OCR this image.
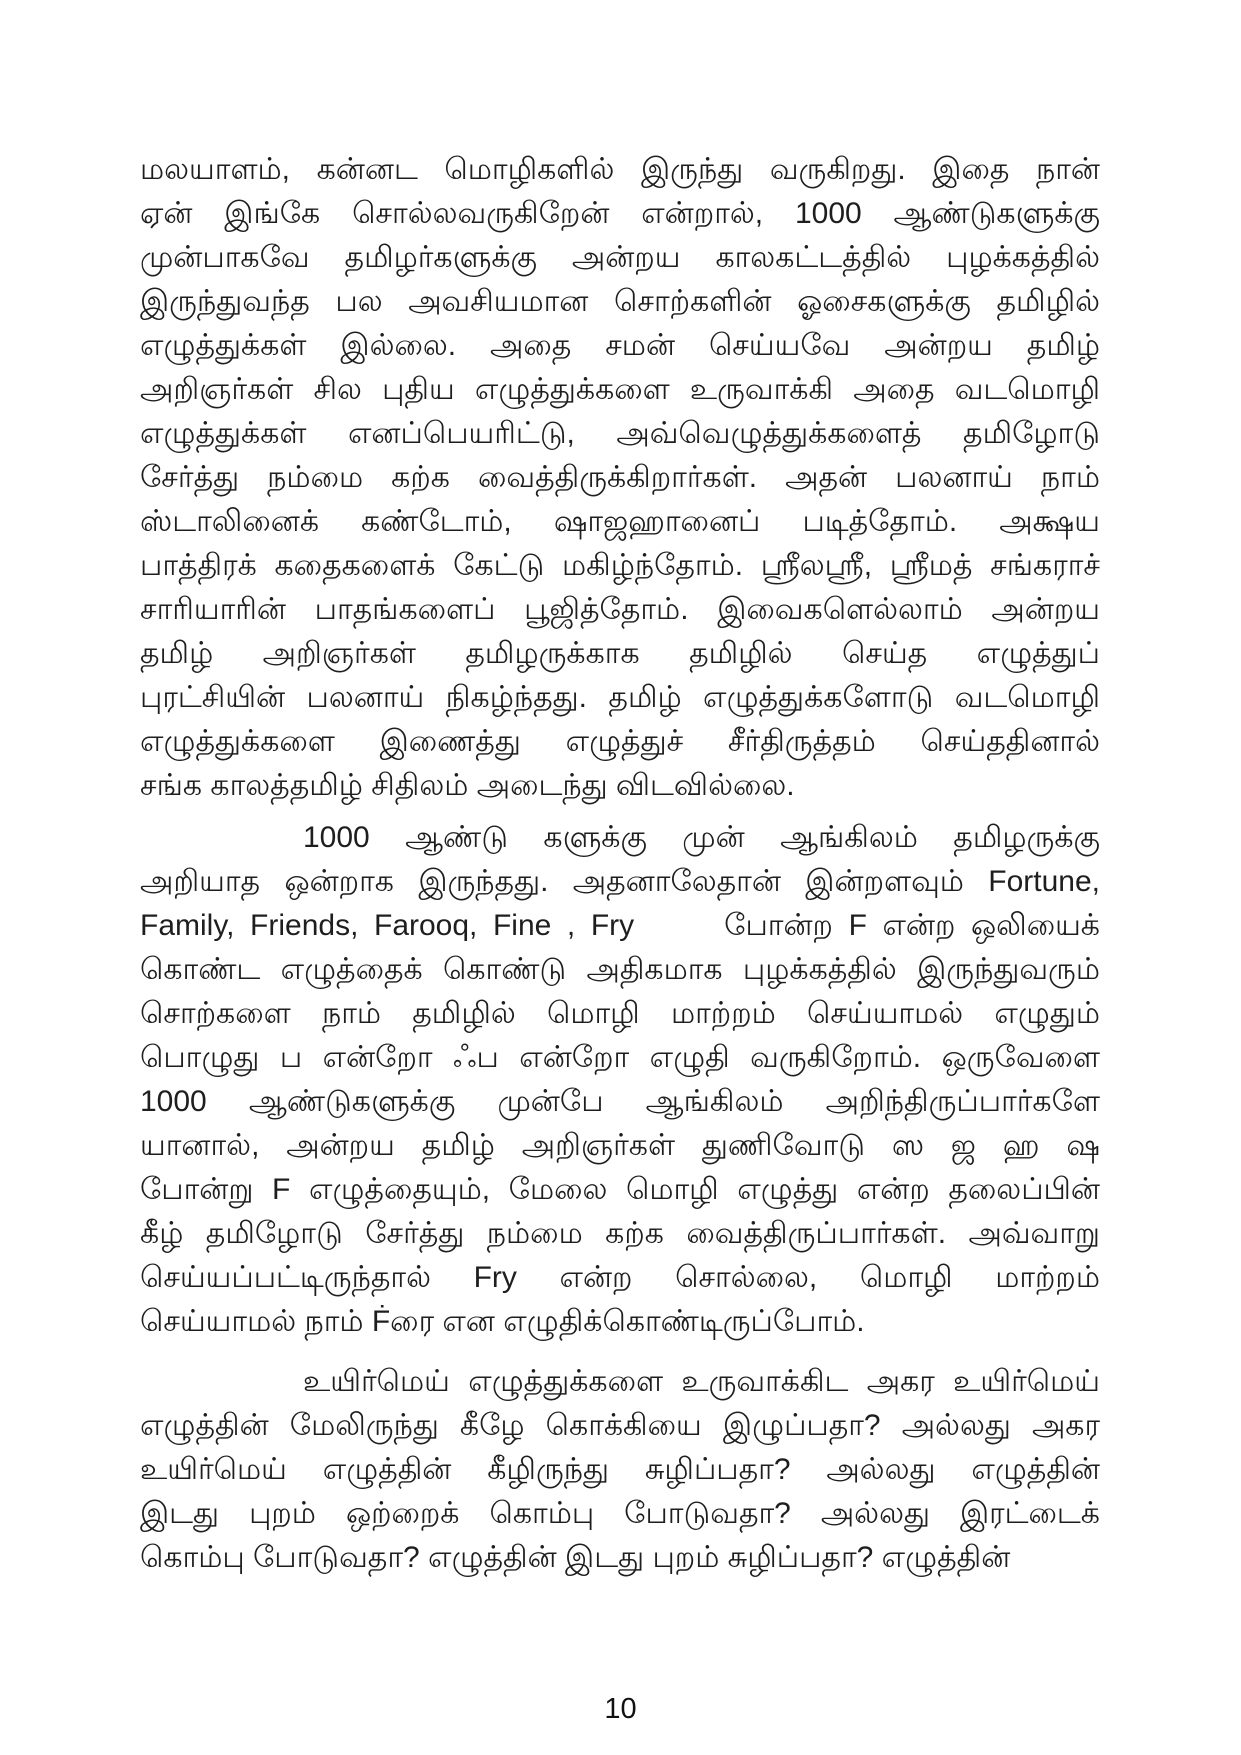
மலயாளம், கன்னட மொழிகளில் இருந்து வருகிறது. இதை நான்
ஏன் இங்கே சொல்லவருகிறேன் என்றால், 1000 ஆண்டுகளுக்கு
முன்பாகவே தமிழர்களுக்கு அன்றய காலகட்டத்தில் புழக்கத்தில்
இருந்துவந்த பல அவசியமான சொற்களின் ஓசைகளுக்கு தமிழில்
எழுத்துக்கள் இல்லை. அதை சமன் செய்யவே அன்றய தமிழ்
அறிஞர்கள் சில புதிய எழுத்துக்களை உருவாக்கி அதை வடமொழி
எழுத்துக்கள் எனப்பெயரிட்டு, அவ்வெழுத்துக்களைத் தமிழோடு
சேர்த்து நம்மை கற்க வைத்திருக்கிறார்கள். அதன் பலனாய் நாம்
ஸ்டாலினைக் கண்டோம், ஷாஜஹானைப் படித்தோம். அக்ஷய
பாத்திரக் கதைகளைக் கேட்டு மகிழ்ந்தோம். ஸ்ரீலஸ்ரீ, ஸ்ரீமத் சங்கராச்
சாரியாரின் பாதங்களைப் பூஜித்தோம். இவைகளெல்லாம் அன்றய
தமிழ் அறிஞர்கள் தமிழருக்காக தமிழில் செய்த எழுத்துப்
புரட்சியின் பலனாய் நிகழ்ந்தது. தமிழ் எழுத்துக்களோடு வடமொழி
எழுத்துக்களை இணைத்து எழுத்துச் சீர்திருத்தம் செய்ததினால்
சங்க காலத்தமிழ் சிதிலம் அடைந்து விடவில்லை.
1000 ஆண்டு களுக்கு முன் ஆங்கிலம் தமிழருக்கு
அறியாத ஒன்றாக இருந்தது. அதனாலேதான் இன்றளவும் Fortune,
Family, Friends, Farooq, Fine , Fry   போன்ற F என்ற ஒலியைக்
கொண்ட எழுத்தைக் கொண்டு அதிகமாக புழக்கத்தில் இருந்துவரும்
சொற்களை நாம் தமிழில் மொழி மாற்றம் செய்யாமல் எழுதும்
பொழுது ப என்றோ ஃப என்றோ எழுதி வருகிறோம். ஒருவேளை
1000 ஆண்டுகளுக்கு முன்பே ஆங்கிலம் அறிந்திருப்பார்களே
யானால், அன்றய தமிழ் அறிஞர்கள் துணிவோடு ஸ ஜ ஹ ஷ
போன்று F எழுத்தையும், மேலை மொழி எழுத்து என்ற தலைப்பின்
கீழ் தமிழோடு சேர்த்து நம்மை கற்க வைத்திருப்பார்கள். அவ்வாறு
செய்யப்பட்டிருந்தால் Fry என்ற சொல்லை, மொழி மாற்றம்
செய்யாமல் நாம் Ḟரை என எழுதிக்கொண்டிருப்போம்.
உயிர்மெய் எழுத்துக்களை உருவாக்கிட அகர உயிர்மெய்
எழுத்தின் மேலிருந்து கீழே கொக்கியை இழுப்பதா? அல்லது அகர
உயிர்மெய் எழுத்தின் கீழிருந்து சுழிப்பதா? அல்லது எழுத்தின்
இடது புறம் ஒற்றைக் கொம்பு போடுவதா? அல்லது இரட்டைக்
கொம்பு போடுவதா? எழுத்தின் இடது புறம் சுழிப்பதா? எழுத்தின்
10
